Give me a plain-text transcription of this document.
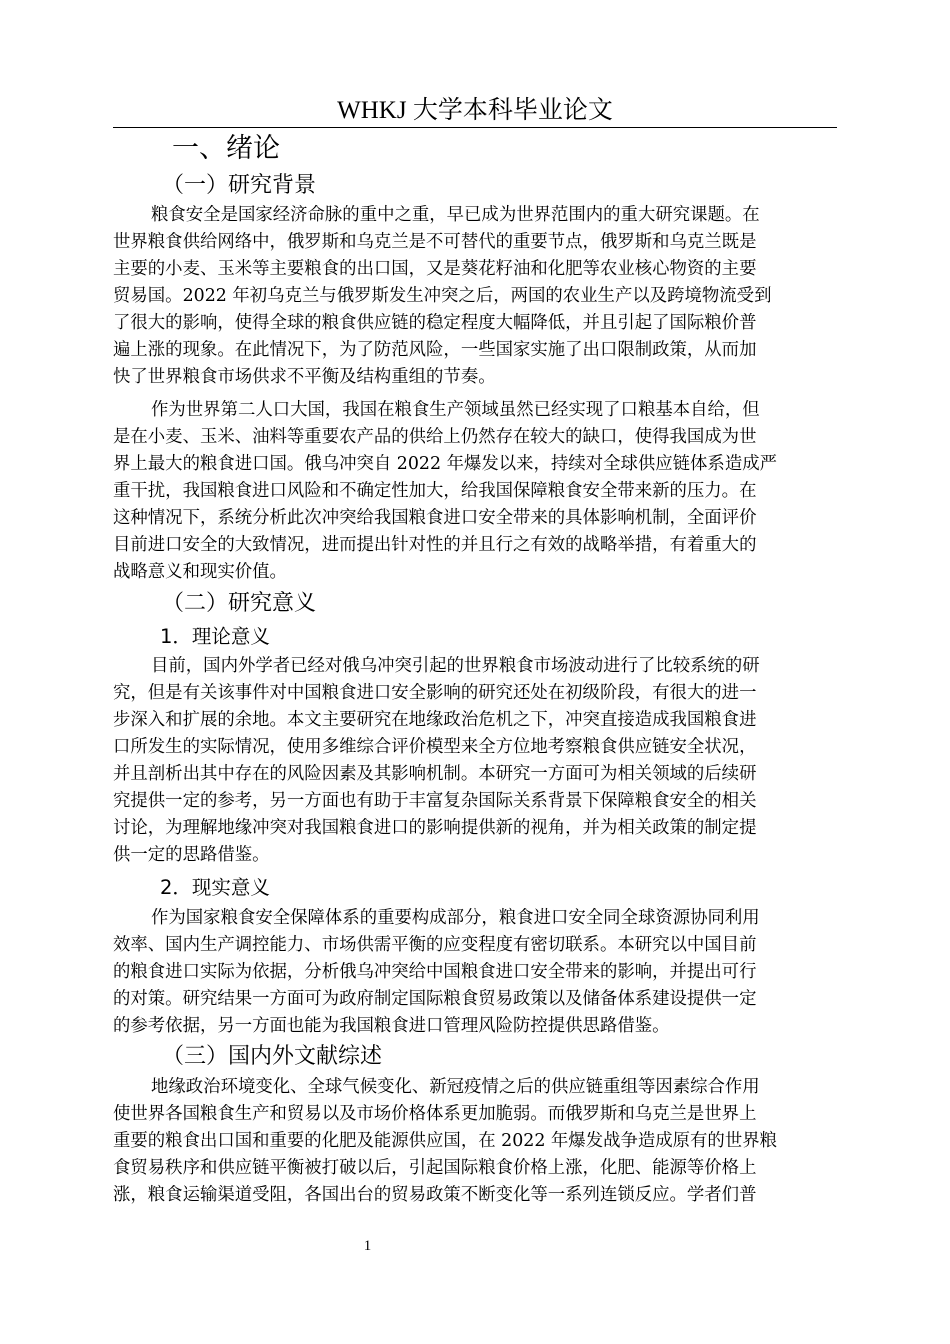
WHKJ 大学本科毕业论文
一、绪论
（一）研究背景
粮食安全是国家经济命脉的重中之重，早已成为世界范围内的重大研究课题。在
世界粮食供给网络中，俄罗斯和乌克兰是不可替代的重要节点，俄罗斯和乌克兰既是
主要的小麦、玉米等主要粮食的出口国，又是葵花籽油和化肥等农业核心物资的主要
贸易国。2022 年初乌克兰与俄罗斯发生冲突之后，两国的农业生产以及跨境物流受到
了很大的影响，使得全球的粮食供应链的稳定程度大幅降低，并且引起了国际粮价普
遍上涨的现象。在此情况下，为了防范风险，一些国家实施了出口限制政策，从而加
快了世界粮食市场供求不平衡及结构重组的节奏。
作为世界第二人口大国，我国在粮食生产领域虽然已经实现了口粮基本自给，但
是在小麦、玉米、油料等重要农产品的供给上仍然存在较大的缺口，使得我国成为世
界上最大的粮食进口国。俄乌冲突自 2022 年爆发以来，持续对全球供应链体系造成严
重干扰，我国粮食进口风险和不确定性加大，给我国保障粮食安全带来新的压力。在
这种情况下，系统分析此次冲突给我国粮食进口安全带来的具体影响机制，全面评价
目前进口安全的大致情况，进而提出针对性的并且行之有效的战略举措，有着重大的
战略意义和现实价值。
（二）研究意义
1．理论意义
目前，国内外学者已经对俄乌冲突引起的世界粮食市场波动进行了比较系统的研
究，但是有关该事件对中国粮食进口安全影响的研究还处在初级阶段，有很大的进一
步深入和扩展的余地。本文主要研究在地缘政治危机之下，冲突直接造成我国粮食进
口所发生的实际情况，使用多维综合评价模型来全方位地考察粮食供应链安全状况，
并且剖析出其中存在的风险因素及其影响机制。本研究一方面可为相关领域的后续研
究提供一定的参考，另一方面也有助于丰富复杂国际关系背景下保障粮食安全的相关
讨论，为理解地缘冲突对我国粮食进口的影响提供新的视角，并为相关政策的制定提
供一定的思路借鉴。
2．现实意义
作为国家粮食安全保障体系的重要构成部分，粮食进口安全同全球资源协同利用
效率、国内生产调控能力、市场供需平衡的应变程度有密切联系。本研究以中国目前
的粮食进口实际为依据，分析俄乌冲突给中国粮食进口安全带来的影响，并提出可行
的对策。研究结果一方面可为政府制定国际粮食贸易政策以及储备体系建设提供一定
的参考依据，另一方面也能为我国粮食进口管理风险防控提供思路借鉴。
（三）国内外文献综述
地缘政治环境变化、全球气候变化、新冠疫情之后的供应链重组等因素综合作用
使世界各国粮食生产和贸易以及市场价格体系更加脆弱。而俄罗斯和乌克兰是世界上
重要的粮食出口国和重要的化肥及能源供应国，在 2022 年爆发战争造成原有的世界粮
食贸易秩序和供应链平衡被打破以后，引起国际粮食价格上涨，化肥、能源等价格上
涨，粮食运输渠道受阻，各国出台的贸易政策不断变化等一系列连锁反应。学者们普
1
